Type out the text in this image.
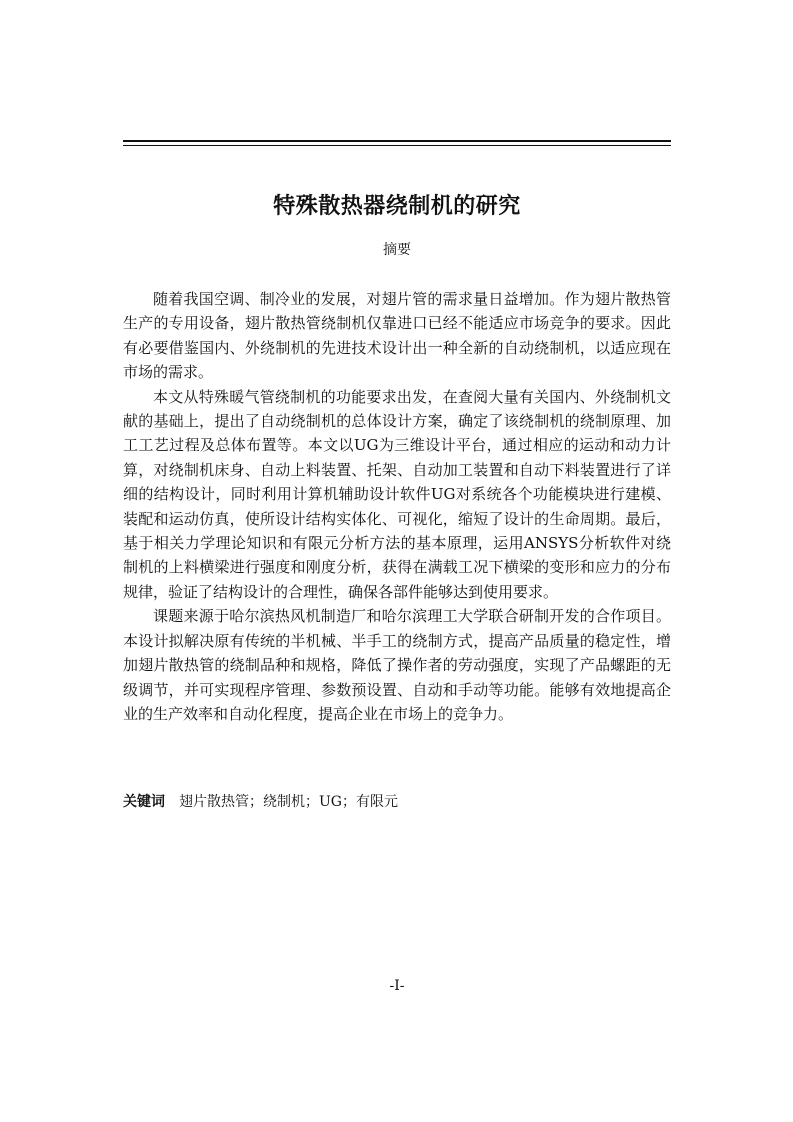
特殊散热器绕制机的研究
摘要

随着我国空调、制冷业的发展，对翅片管的需求量日益增加。作为翅片散热管生产的专用设备，翅片散热管绕制机仅靠进口已经不能适应市场竞争的要求。因此有必要借鉴国内、外绕制机的先进技术设计出一种全新的自动绕制机，以适应现在市场的需求。

本文从特殊暖气管绕制机的功能要求出发，在查阅大量有关国内、外绕制机文献的基础上，提出了自动绕制机的总体设计方案，确定了该绕制机的绕制原理、加工工艺过程及总体布置等。本文以UG为三维设计平台，通过相应的运动和动力计算，对绕制机床身、自动上料装置、托架、自动加工装置和自动下料装置进行了详细的结构设计，同时利用计算机辅助设计软件UG对系统各个功能模块进行建模、装配和运动仿真，使所设计结构实体化、可视化，缩短了设计的生命周期。最后，基于相关力学理论知识和有限元分析方法的基本原理，运用ANSYS分析软件对绕制机的上料横梁进行强度和刚度分析，获得在满载工况下横梁的变形和应力的分布规律，验证了结构设计的合理性，确保各部件能够达到使用要求。

课题来源于哈尔滨热风机制造厂和哈尔滨理工大学联合研制开发的合作项目。本设计拟解决原有传统的半机械、半手工的绕制方式，提高产品质量的稳定性，增加翅片散热管的绕制品种和规格，降低了操作者的劳动强度，实现了产品螺距的无级调节，并可实现程序管理、参数预设置、自动和手动等功能。能够有效地提高企业的生产效率和自动化程度，提高企业在市场上的竞争力。

关键词 翅片散热管；绕制机；UG；有限元
-I-
